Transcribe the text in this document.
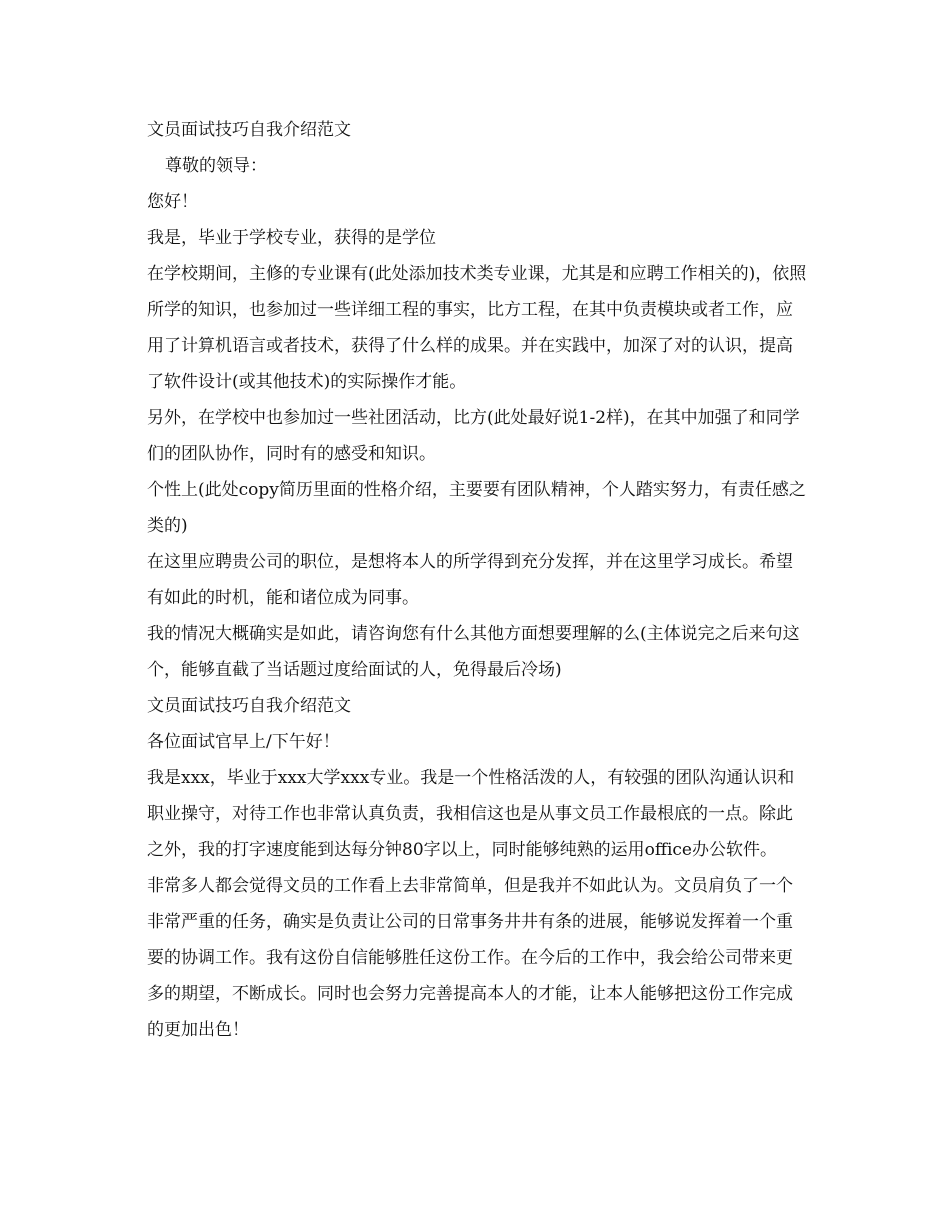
文员面试技巧自我介绍范文

尊敬的领导：

您好！

我是，毕业于学校专业，获得的是学位

在学校期间，主修的专业课有(此处添加技术类专业课，尤其是和应聘工作相关的)，依照所学的知识，也参加过一些详细工程的事实，比方工程，在其中负责模块或者工作，应用了计算机语言或者技术，获得了什么样的成果。并在实践中，加深了对的认识，提高了软件设计(或其他技术)的实际操作才能。

另外，在学校中也参加过一些社团活动，比方(此处最好说1-2样)，在其中加强了和同学们的团队协作，同时有的感受和知识。

个性上(此处copy简历里面的性格介绍，主要要有团队精神，个人踏实努力，有责任感之类的)

在这里应聘贵公司的职位，是想将本人的所学得到充分发挥，并在这里学习成长。希望有如此的时机，能和诸位成为同事。

我的情况大概确实是如此，请咨询您有什么其他方面想要理解的么(主体说完之后来句这个，能够直截了当话题过度给面试的人，免得最后冷场)

文员面试技巧自我介绍范文

各位面试官早上/下午好！

我是xxx，毕业于xxx大学xxx专业。我是一个性格活泼的人，有较强的团队沟通认识和职业操守，对待工作也非常认真负责，我相信这也是从事文员工作最根底的一点。除此之外，我的打字速度能到达每分钟80字以上，同时能够纯熟的运用office办公软件。

非常多人都会觉得文员的工作看上去非常简单，但是我并不如此认为。文员肩负了一个非常严重的任务，确实是负责让公司的日常事务井井有条的进展，能够说发挥着一个重要的协调工作。我有这份自信能够胜任这份工作。在今后的工作中，我会给公司带来更多的期望，不断成长。同时也会努力完善提高本人的才能，让本人能够把这份工作完成的更加出色！
